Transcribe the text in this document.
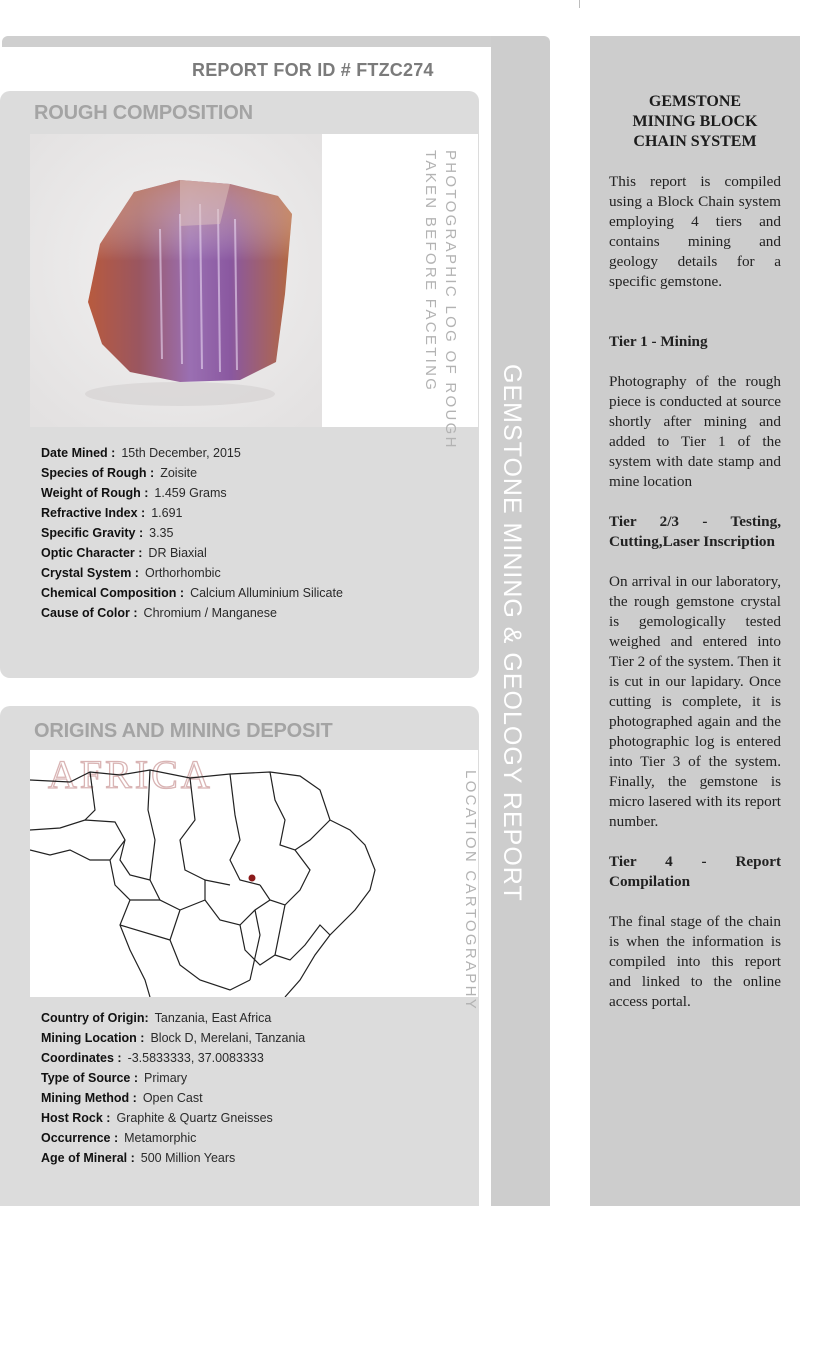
REPORT FOR ID # FTZC274
ROUGH COMPOSITION
PHOTOGRAPHIC LOG OF ROUGH
TAKEN BEFORE FACETING
Date Mined : 15th December, 2015
Species of Rough : Zoisite
Weight of Rough : 1.459 Grams
Refractive Index : 1.691
Specific Gravity : 3.35
Optic Character : DR Biaxial
Crystal System : Orthorhombic
Chemical Composition : Calcium Alluminium Silicate
Cause of Color : Chromium / Manganese
ORIGINS AND MINING DEPOSIT
AFRICA	LOCATION CARTOGRAPHY
Country of Origin: Tanzania, East Africa
Mining Location : Block D, Merelani, Tanzania
Coordinates : -3.5833333, 37.0083333
Type of Source : Primary
Mining Method : Open Cast
Host Rock : Graphite & Quartz Gneisses
Occurrence : Metamorphic
Age of Mineral : 500 Million Years
GEMSTONE MINING & GEOLOGY REPORT
GEMSTONE
MINING BLOCK
CHAIN SYSTEM
This report is compiled using a Block Chain system employing 4 tiers and contains mining and geology details for a specific gemstone.
Tier 1 - Mining
Photography of the rough piece is conducted at source shortly after mining and added to Tier 1 of the system with date stamp and mine location
Tier 2/3 - Testing, Cutting,Laser Inscription
On arrival in our laboratory, the rough gemstone crystal is gemologically tested weighed and entered into Tier 2 of the system. Then it is cut in our lapidary. Once cutting is complete, it is photographed again and the photographic log is entered into Tier 3 of the system. Finally, the gemstone is micro lasered with its report number.
Tier 4 - Report Compilation
The final stage of the chain is when the information is compiled into this report and linked to the online access portal.
